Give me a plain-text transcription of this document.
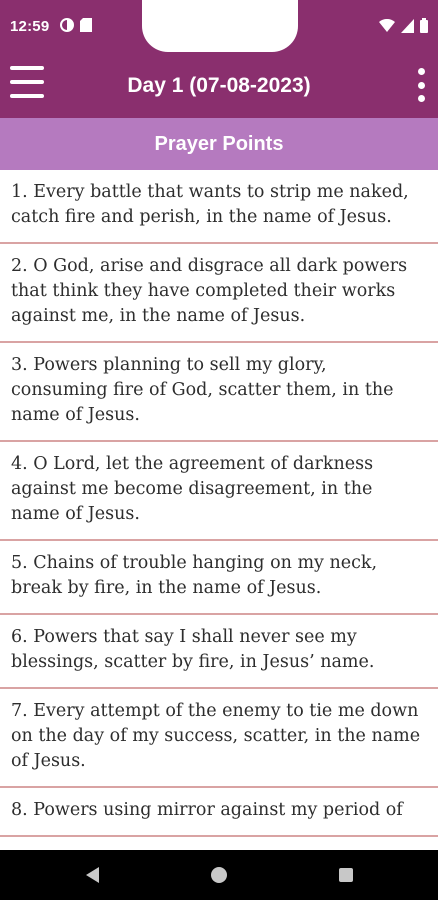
12:59
Day 1 (07-08-2023)
Prayer Points
1. Every battle that wants to strip me naked, catch fire and perish, in the name of Jesus.
2. O God, arise and disgrace all dark powers that think they have completed their works against me, in the name of Jesus.
3. Powers planning to sell my glory, consuming fire of God, scatter them, in the name of Jesus.
4. O Lord, let the agreement of darkness against me become disagreement, in the name of Jesus.
5. Chains of trouble hanging on my neck, break by fire, in the name of Jesus.
6. Powers that say I shall never see my blessings, scatter by fire, in Jesus’ name.
7. Every attempt of the enemy to tie me down on the day of my success, scatter, in the name of Jesus.
8. Powers using mirror against my period of
